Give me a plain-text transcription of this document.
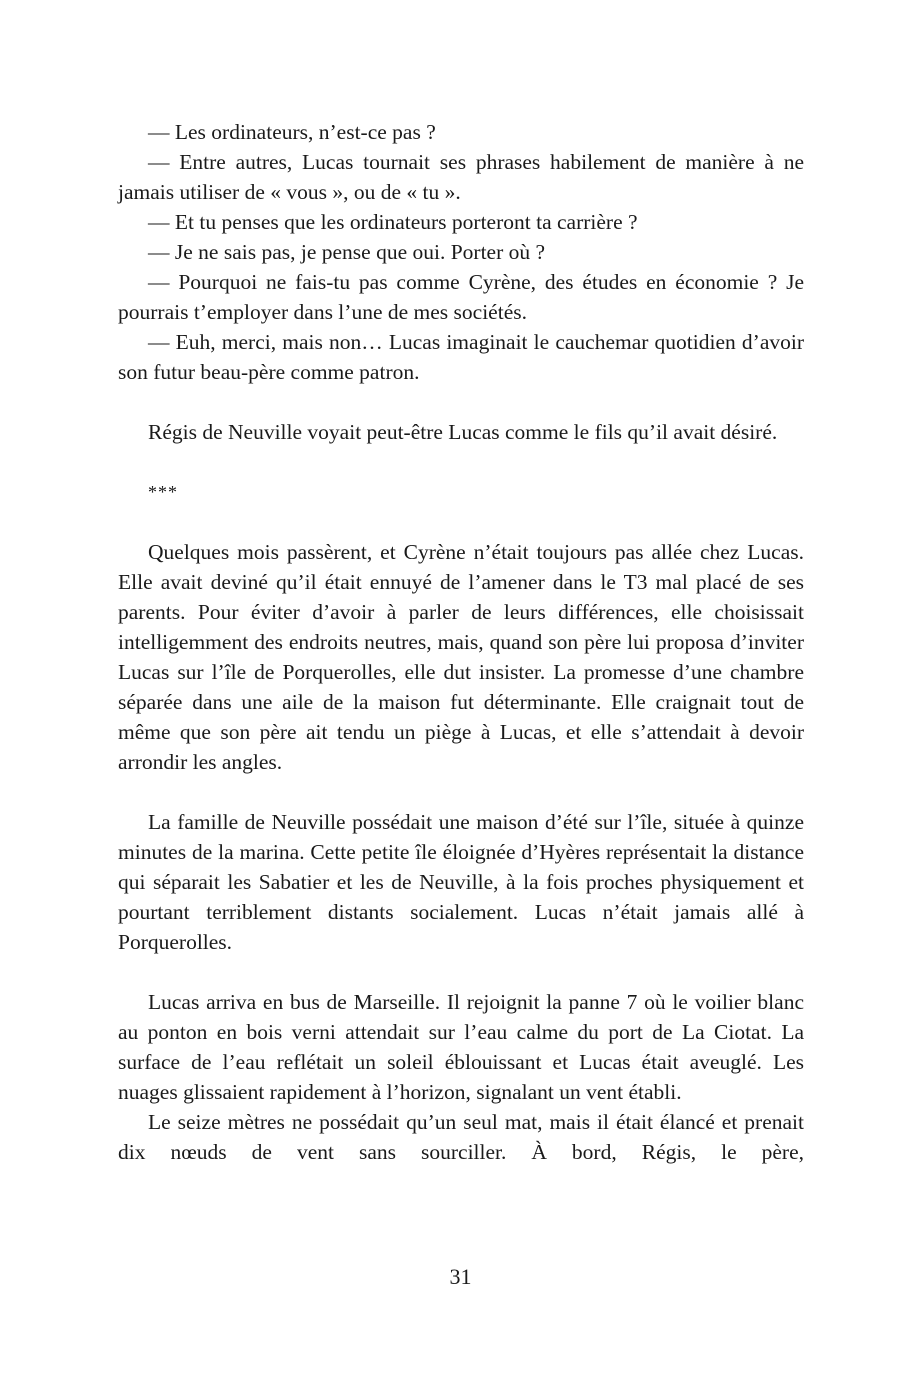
— Les ordinateurs, n’est-ce pas ?

— Entre autres, Lucas tournait ses phrases habilement de manière à ne jamais utiliser de « vous », ou de « tu ».

— Et tu penses que les ordinateurs porteront ta carrière ?

— Je ne sais pas, je pense que oui. Porter où ?

— Pourquoi ne fais-tu pas comme Cyrène, des études en économie ? Je pourrais t’employer dans l’une de mes sociétés.

— Euh, merci, mais non… Lucas imaginait le cauchemar quotidien d’avoir son futur beau-père comme patron.

Régis de Neuville voyait peut-être Lucas comme le fils qu’il avait désiré.

***

Quelques mois passèrent, et Cyrène n’était toujours pas allée chez Lucas. Elle avait deviné qu’il était ennuyé de l’amener dans le T3 mal placé de ses parents. Pour éviter d’avoir à parler de leurs différences, elle choisissait intelligemment des endroits neutres, mais, quand son père lui proposa d’inviter Lucas sur l’île de Porquerolles, elle dut insister. La promesse d’une chambre séparée dans une aile de la maison fut déterminante. Elle craignait tout de même que son père ait tendu un piège à Lucas, et elle s’attendait à devoir arrondir les angles.

La famille de Neuville possédait une maison d’été sur l’île, située à quinze minutes de la marina. Cette petite île éloignée d’Hyères représentait la distance qui séparait les Sabatier et les de Neuville, à la fois proches physiquement et pourtant terriblement distants socialement. Lucas n’était jamais allé à Porquerolles.

Lucas arriva en bus de Marseille. Il rejoignit la panne 7 où le voilier blanc au ponton en bois verni attendait sur l’eau calme du port de La Ciotat. La surface de l’eau reflétait un soleil éblouissant et Lucas était aveuglé. Les nuages glissaient rapidement à l’horizon, signalant un vent établi.

Le seize mètres ne possédait qu’un seul mat, mais il était élancé et prenait dix nœuds de vent sans sourciller. À bord, Régis, le père,

31
